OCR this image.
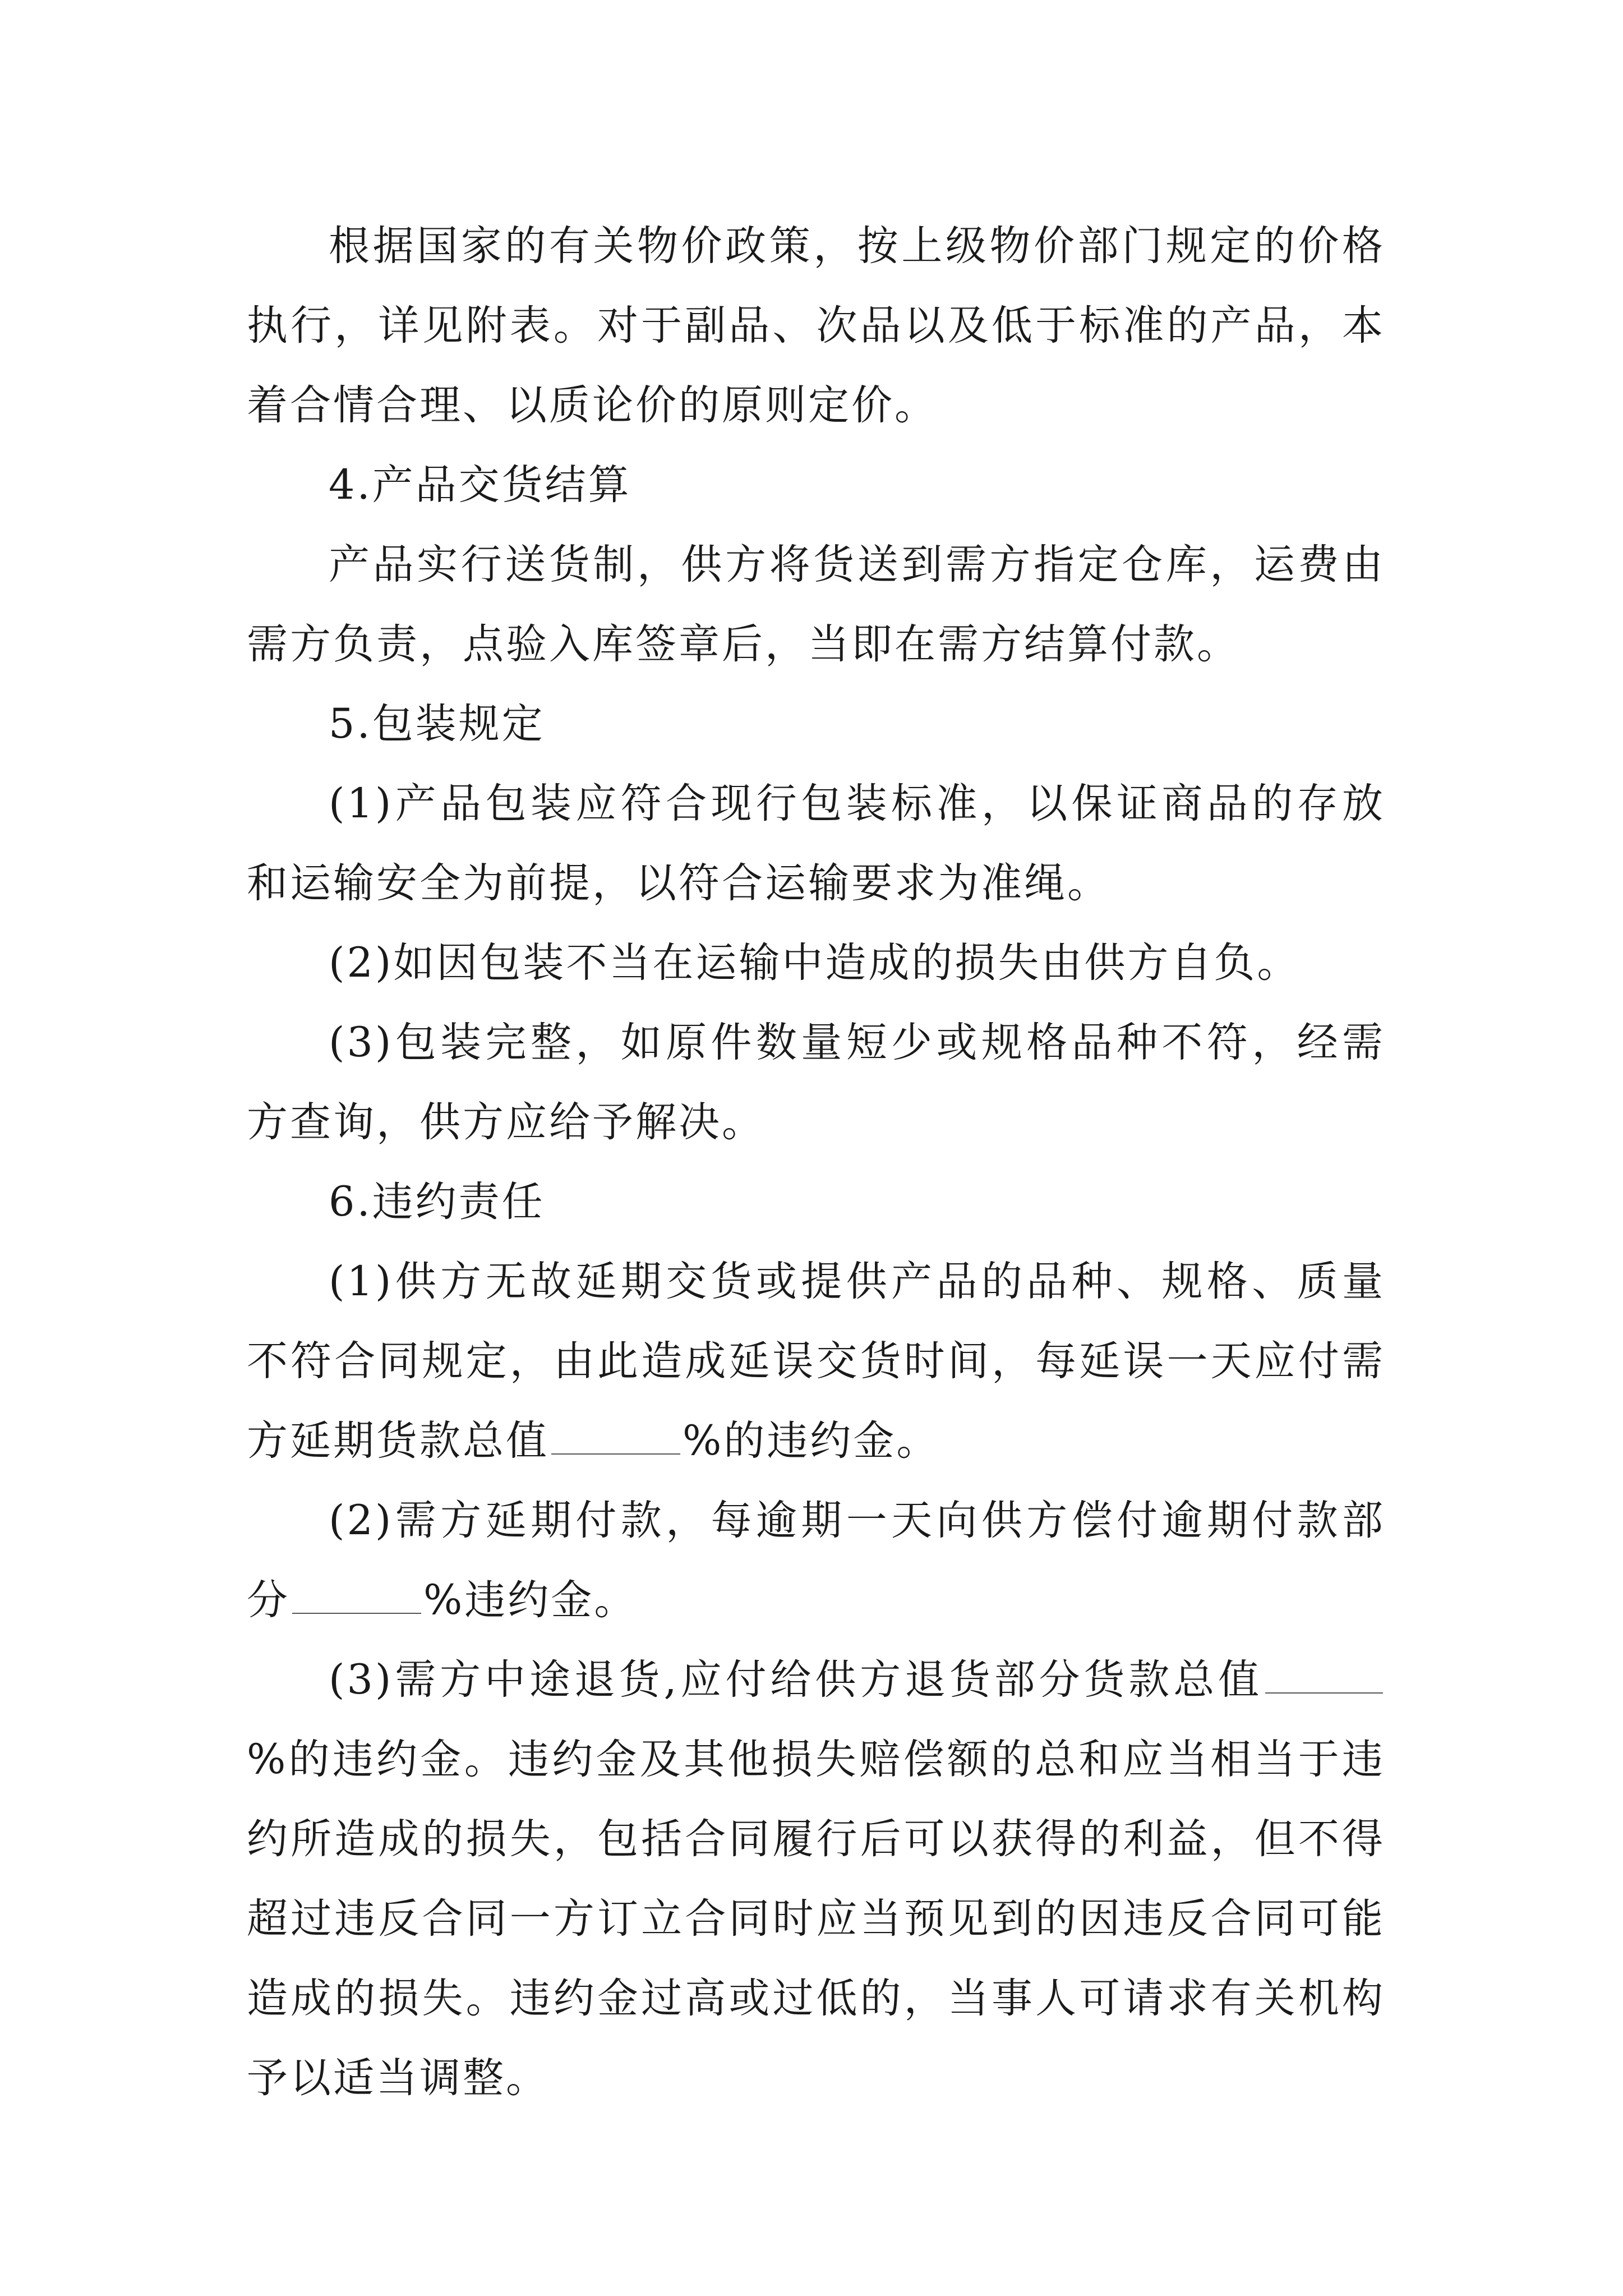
根据国家的有关物价政策，按上级物价部门规定的价格执行，详见附表。对于副品、次品以及低于标准的产品，本着合情合理、以质论价的原则定价。

4.产品交货结算

产品实行送货制，供方将货送到需方指定仓库，运费由需方负责，点验入库签章后，当即在需方结算付款。

5.包装规定

(1)产品包装应符合现行包装标准，以保证商品的存放和运输安全为前提，以符合运输要求为准绳。

(2)如因包装不当在运输中造成的损失由供方自负。

(3)包装完整，如原件数量短少或规格品种不符，经需方查询，供方应给予解决。

6.违约责任

(1)供方无故延期交货或提供产品的品种、规格、质量不符合同规定，由此造成延误交货时间，每延误一天应付需方延期货款总值	%的违约金。

(2)需方延期付款，每逾期一天向供方偿付逾期付款部分	%违约金。

(3)需方中途退货,应付给供方退货部分货款总值%的违约金。违约金及其他损失赔偿额的总和应当相当于违约所造成的损失，包括合同履行后可以获得的利益，但不得超过违反合同一方订立合同时应当预见到的因违反合同可能造成的损失。违约金过高或过低的，当事人可请求有关机构予以适当调整。
